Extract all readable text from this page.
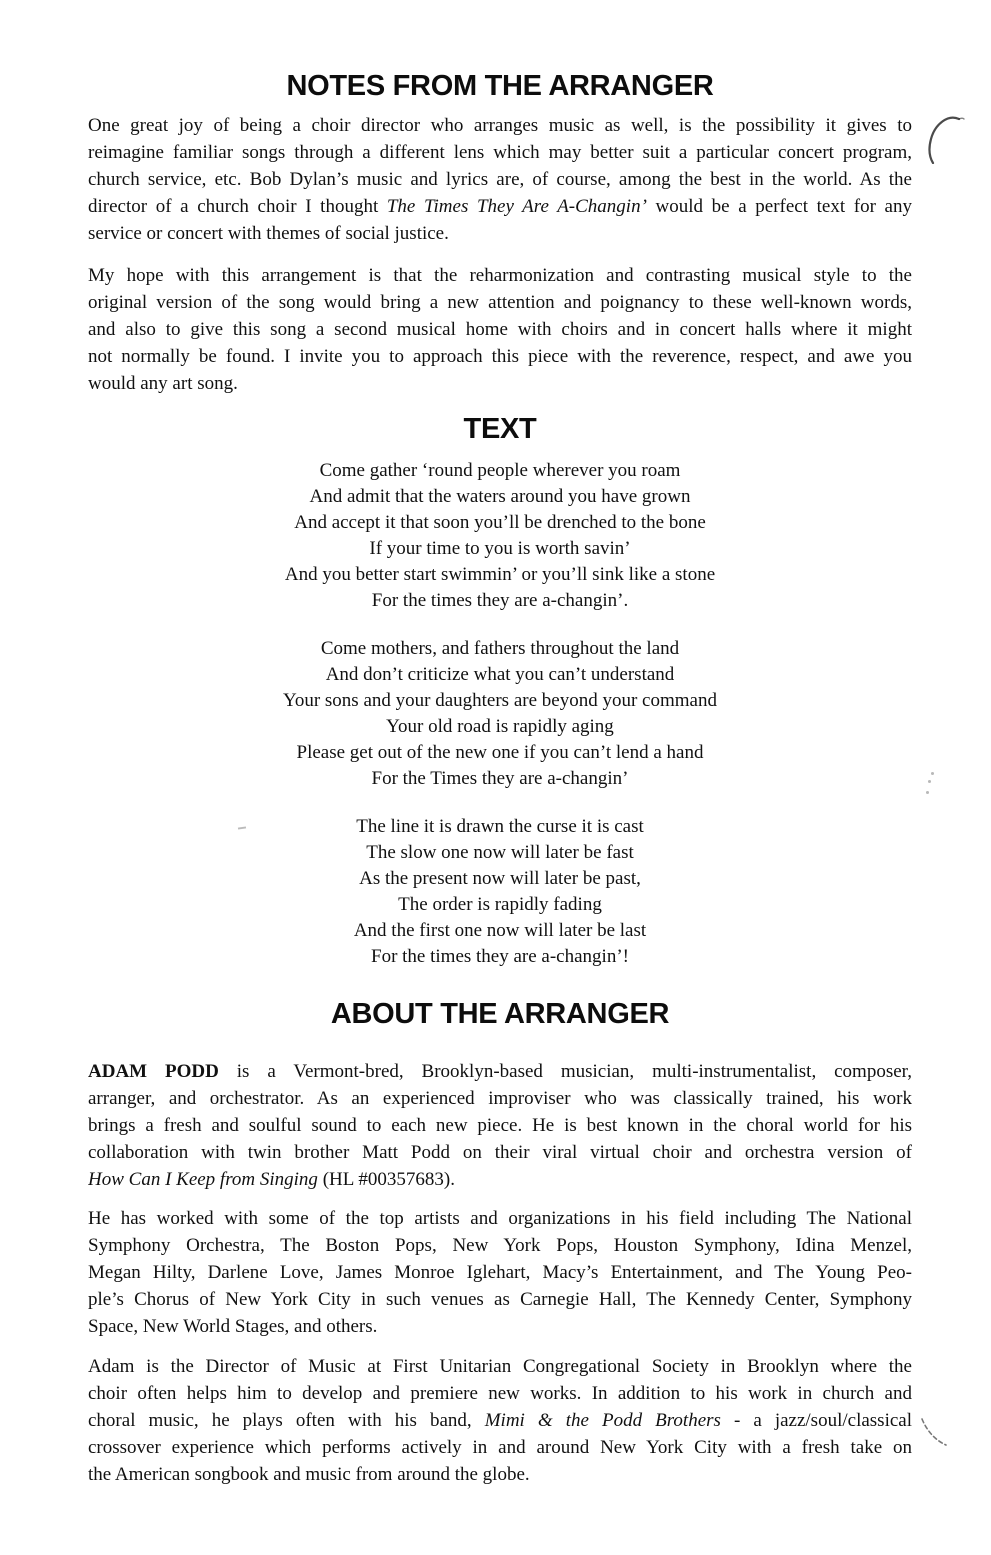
NOTES FROM THE ARRANGER
One great joy of being a choir director who arranges music as well, is the possibility it gives to
reimagine familiar songs through a different lens which may better suit a particular concert program,
church service, etc. Bob Dylan’s music and lyrics are, of course, among the best in the world. As the
director of a church choir I thought The Times They Are A-Changin’ would be a perfect text for any
service or concert with themes of social justice.
My hope with this arrangement is that the reharmonization and contrasting musical style to the
original version of the song would bring a new attention and poignancy to these well-known words,
and also to give this song a second musical home with choirs and in concert halls where it might
not normally be found. I invite you to approach this piece with the reverence, respect, and awe you
would any art song.
TEXT
Come gather ‘round people wherever you roam
And admit that the waters around you have grown
And accept it that soon you’ll be drenched to the bone
If your time to you is worth savin’
And you better start swimmin’ or you’ll sink like a stone
For the times they are a-changin’.
Come mothers, and fathers throughout the land
And don’t criticize what you can’t understand
Your sons and your daughters are beyond your command
Your old road is rapidly aging
Please get out of the new one if you can’t lend a hand
For the Times they are a-changin’
The line it is drawn the curse it is cast
The slow one now will later be fast
As the present now will later be past,
The order is rapidly fading
And the first one now will later be last
For the times they are a-changin’!
ABOUT THE ARRANGER
ADAM PODD is a Vermont-bred, Brooklyn-based musician, multi-instrumentalist, composer,
arranger, and orchestrator. As an experienced improviser who was classically trained, his work
brings a fresh and soulful sound to each new piece. He is best known in the choral world for his
collaboration with twin brother Matt Podd on their viral virtual choir and orchestra version of
How Can I Keep from Singing (HL #00357683).
He has worked with some of the top artists and organizations in his field including The National
Symphony Orchestra, The Boston Pops, New York Pops, Houston Symphony, Idina Menzel,
Megan Hilty, Darlene Love, James Monroe Iglehart, Macy’s Entertainment, and The Young Peo-
ple’s Chorus of New York City in such venues as Carnegie Hall, The Kennedy Center, Symphony
Space, New World Stages, and others.
Adam is the Director of Music at First Unitarian Congregational Society in Brooklyn where the
choir often helps him to develop and premiere new works. In addition to his work in church and
choral music, he plays often with his band, Mimi & the Podd Brothers - a jazz/soul/classical
crossover experience which performs actively in and around New York City with a fresh take on
the American songbook and music from around the globe.
